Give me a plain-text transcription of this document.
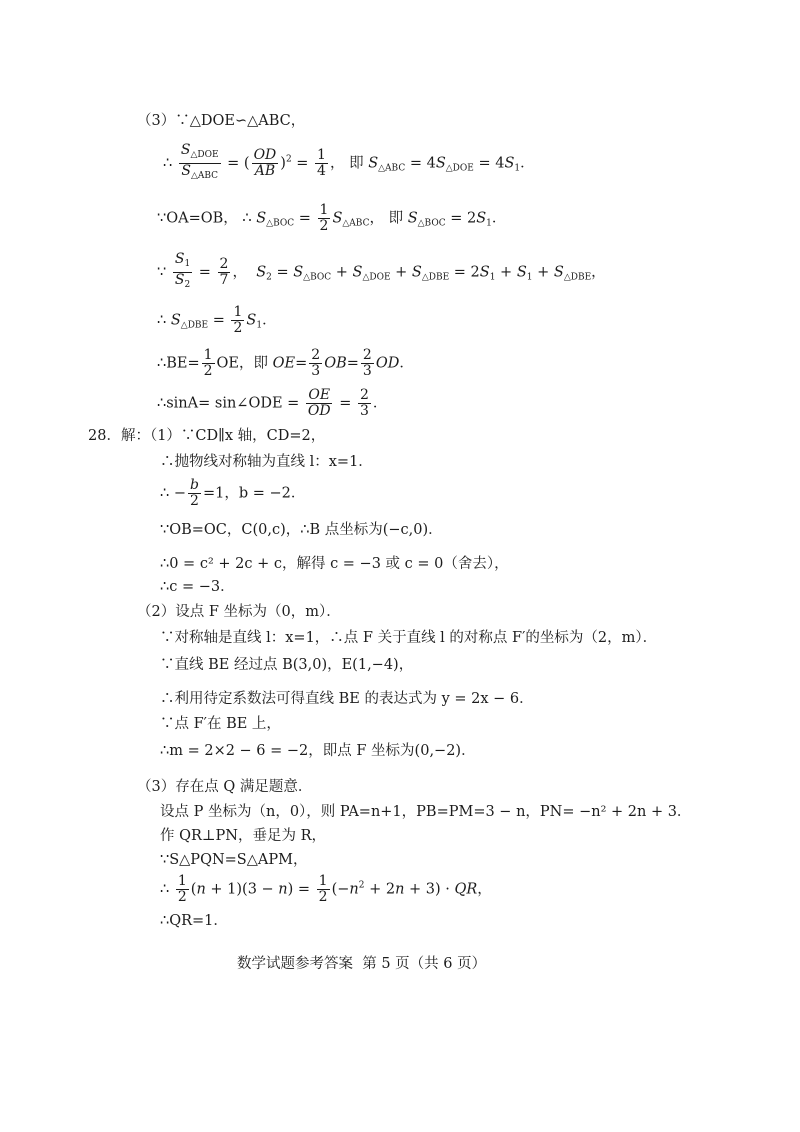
（3）∵△DOE∽△ABC，
∴ $\frac{S_{\triangle DOE}}{S_{\triangle ABC}}$ = ( $\frac{OD}{AB} )^2 = \frac{1}{4}$ ， 即 $S_{\triangle ABC} = 4S_{\triangle DOE} = 4S_1$．
∵OA=OB， ∴ $S_{\triangle BOC} = \frac{1}{2} S_{\triangle ABC}$， 即 $S_{\triangle BOC} = 2S_1$．
∵ $\frac{S_1}{S_2} = \frac{2}{7}$ ，  $S_2 = S_{\triangle BOC} + S_{\triangle DOE} + S_{\triangle DBE} = 2S_1 + S_1 + S_{\triangle DBE}$，
∴ $S_{\triangle DBE} = \frac{1}{2} S_1$．
∴BE= $\frac{1}{2}$ OE，即 $OE= \frac{2}{3} OB= \frac{2}{3}$ OD．
∴sinA= sin∠ODE = $\frac{OE}{OD} = \frac{2}{3}$ ．
28．解：（1）∵CD∥x 轴，CD=2，
∴抛物线对称轴为直线 l：x=1．
∴ − $\frac{b}{2} =1$，b = −2．
∵OB=OC，C(0,c)，∴B 点坐标为(−c,0)．
∴0 = c² + 2c + c，解得 c = −3 或 c = 0（舍去），
∴c = −3．
（2）设点 F 坐标为（0，m）．
∵对称轴是直线 l：x=1，∴点 F 关于直线 l 的对称点 F′的坐标为（2，m）．
∵直线 BE 经过点 B(3,0)，E(1,−4)，
∴利用待定系数法可得直线 BE 的表达式为 y = 2x − 6．
∵点 F′在 BE 上，
∴m = 2×2 − 6 = −2，即点 F 坐标为(0,−2)．
（3）存在点 Q 满足题意．
设点 P 坐标为（n，0），则 PA=n+1，PB=PM=3 − n，PN= −n² + 2n + 3．
作 QR⊥PN，垂足为 R，
∵S△PQN=S△APM，
∴ $\frac{1}{2} (n + 1)(3 - n) = \frac{1}{2} (-n^2 + 2n + 3)$ · QR，
∴QR=1．
数学试题参考答案 第 5 页（共 6 页）
